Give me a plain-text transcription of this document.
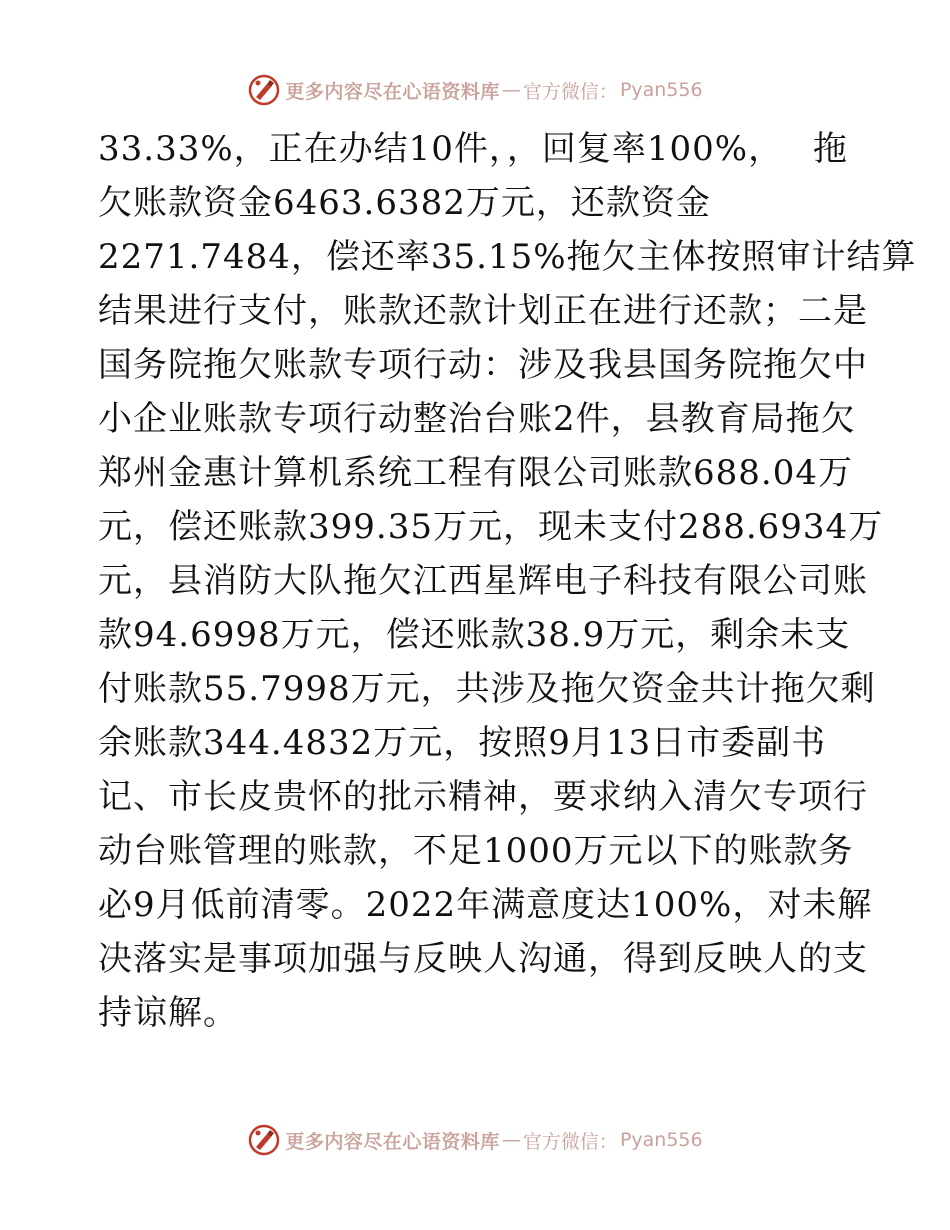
更多内容尽在心语资料库 — 官方微信： Pyan556
33.33%，正在办结10件，，回复率100%，　 拖
欠账款资金6463.6382万元，还款资金
2271.7484，偿还率35.15%拖欠主体按照审计结算
结果进行支付，账款还款计划正在进行还款；二是
国务院拖欠账款专项行动：涉及我县国务院拖欠中
小企业账款专项行动整治台账2件，县教育局拖欠
郑州金惠计算机系统工程有限公司账款688.04万
元，偿还账款399.35万元，现未支付288.6934万
元，县消防大队拖欠江西星辉电子科技有限公司账
款94.6998万元，偿还账款38.9万元，剩余未支
付账款55.7998万元，共涉及拖欠资金共计拖欠剩
余账款344.4832万元，按照9月13日市委副书
记、市长皮贵怀的批示精神，要求纳入清欠专项行
动台账管理的账款，不足1000万元以下的账款务
必9月低前清零。2022年满意度达100%，对未解
决落实是事项加强与反映人沟通，得到反映人的支
持谅解。
更多内容尽在心语资料库 — 官方微信： Pyan556
